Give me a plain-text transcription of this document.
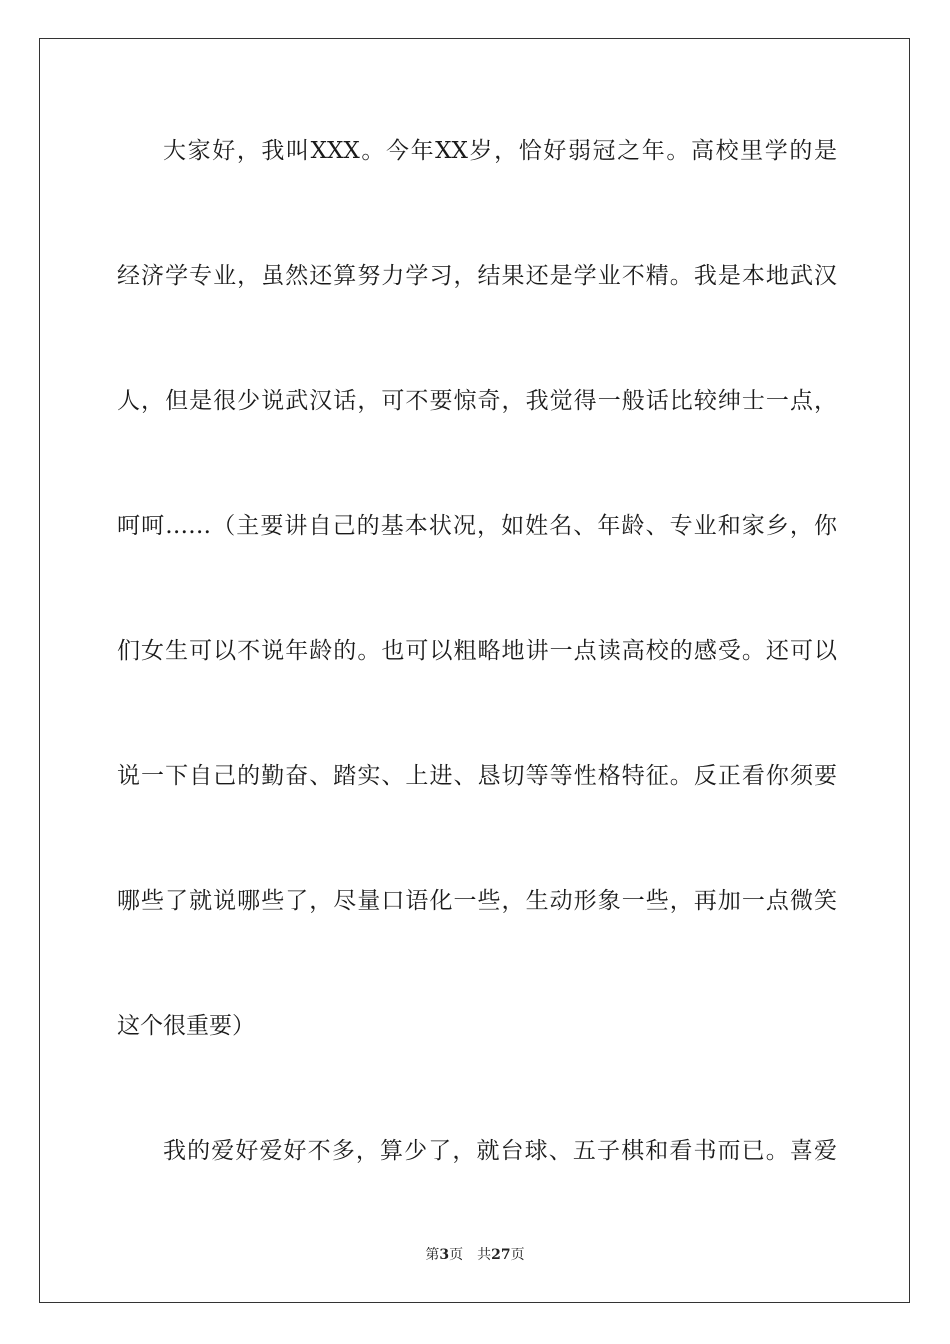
大家好，我叫XXX。今年XX岁，恰好弱冠之年。高校里学的是
经济学专业，虽然还算努力学习，结果还是学业不精。我是本地武汉
人，但是很少说武汉话，可不要惊奇，我觉得一般话比较绅士一点，
呵呵……（主要讲自己的基本状况，如姓名、年龄、专业和家乡，你
们女生可以不说年龄的。也可以粗略地讲一点读高校的感受。还可以
说一下自己的勤奋、踏实、上进、恳切等等性格特征。反正看你须要
哪些了就说哪些了，尽量口语化一些，生动形象一些，再加一点微笑
这个很重要）
我的爱好爱好不多，算少了，就台球、五子棋和看书而已。喜爱
第3页 共27页
